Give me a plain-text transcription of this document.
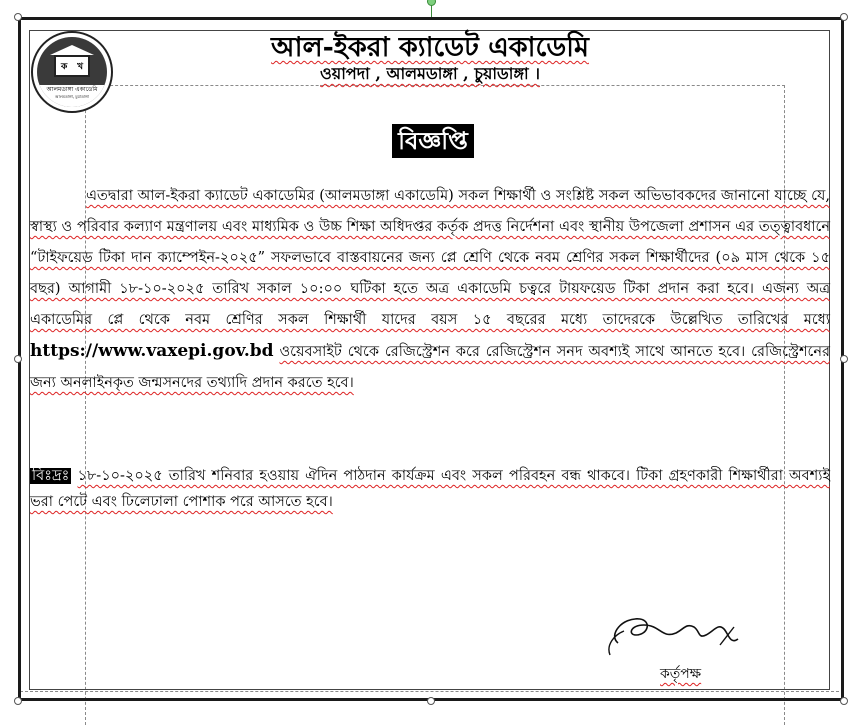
ক খ
আলমডাঙ্গা একাডেমি
আলমডাঙ্গা, চুয়াডাঙ্গা
আল-ইকরা ক্যাডেট একাডেমি
ওয়াপদা , আলমডাঙ্গা , চুয়াডাঙ্গা ।
বিজ্ঞপ্তি
এতদ্বারা আল-ইকরা ক্যাডেট একাডেমির (আলমডাঙ্গা একাডেমি) সকল শিক্ষার্থী ও সংশ্লিষ্ট সকল অভিভাবকদের জানানো যাচ্ছে যে, স্বাস্থ্য ও পরিবার কল্যাণ মন্ত্রণালয় এবং মাধ্যমিক ও উচ্চ শিক্ষা অধিদপ্তর কর্তৃক প্রদত্ত নির্দেশনা এবং স্থানীয় উপজেলা প্রশাসন এর তত্ত্বাবধানে “টাইফয়েড টিকা দান ক্যাম্পেইন-২০২৫” সফলভাবে বাস্তবায়নের জন্য প্লে শ্রেণি থেকে নবম শ্রেণির সকল শিক্ষার্থীদের (০৯ মাস থেকে ১৫ বছর) আগামী ১৮-১০-২০২৫ তারিখ সকাল ১০:০০ ঘটিকা হতে অত্র একাডেমি চত্বরে টায়ফয়েড টিকা প্রদান করা হবে। এজন্য অত্র একাডেমির প্লে থেকে নবম শ্রেণির সকল শিক্ষার্থী যাদের বয়স ১৫ বছরের মধ্যে তাদেরকে উল্লেখিত তারিখের মধ্যে https://www.vaxepi.gov.bd ওয়েবসাইট থেকে রেজিস্ট্রেশন করে রেজিস্ট্রেশন সনদ অবশ্যই সাথে আনতে হবে। রেজিস্ট্রেশনের জন্য অনলাইনকৃত জন্মসনদের তথ্যাদি প্রদান করতে হবে।
বিঃদ্রঃ ১৮-১০-২০২৫ তারিখ শনিবার হওয়ায় ঐদিন পাঠদান কার্যক্রম এবং সকল পরিবহন বন্ধ থাকবে। টিকা গ্রহণকারী শিক্ষার্থীরা অবশ্যই ভরা পেটে এবং ঢিলেঢালা পোশাক পরে আসতে হবে।
কর্তৃপক্ষ
